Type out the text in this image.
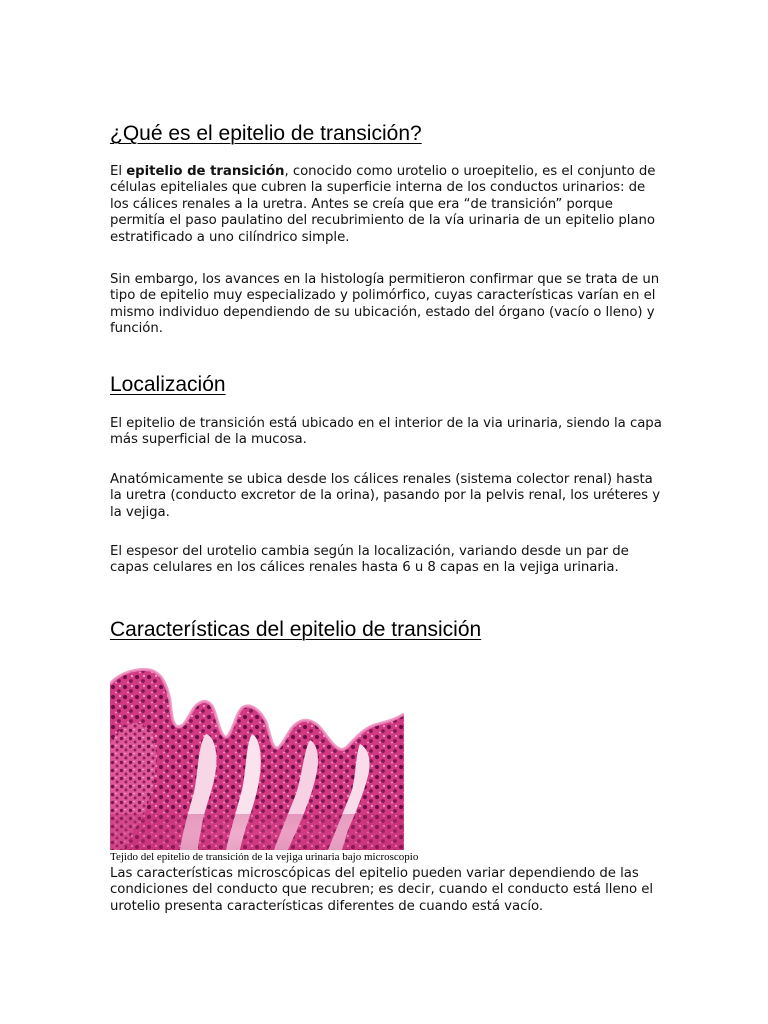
¿Qué es el epitelio de transición?

El epitelio de transición, conocido como urotelio o uroepitelio, es el conjunto de células epiteliales que cubren la superficie interna de los conductos urinarios: de los cálices renales a la uretra. Antes se creía que era “de transición” porque permitía el paso paulatino del recubrimiento de la vía urinaria de un epitelio plano estratificado a uno cilíndrico simple.

Sin embargo, los avances en la histología permitieron confirmar que se trata de un tipo de epitelio muy especializado y polimórfico, cuyas características varían en el mismo individuo dependiendo de su ubicación, estado del órgano (vacío o lleno) y función.

Localización

El epitelio de transición está ubicado en el interior de la via urinaria, siendo la capa más superficial de la mucosa.

Anatómicamente se ubica desde los cálices renales (sistema colector renal) hasta la uretra (conducto excretor de la orina), pasando por la pelvis renal, los uréteres y la vejiga.

El espesor del urotelio cambia según la localización, variando desde un par de capas celulares en los cálices renales hasta 6 u 8 capas en la vejiga urinaria.

Características del epitelio de transición
Tejido del epitelio de transición de la vejiga urinaria bajo microscopio

Las características microscópicas del epitelio pueden variar dependiendo de las condiciones del conducto que recubren; es decir, cuando el conducto está lleno el urotelio presenta características diferentes de cuando está vacío.
